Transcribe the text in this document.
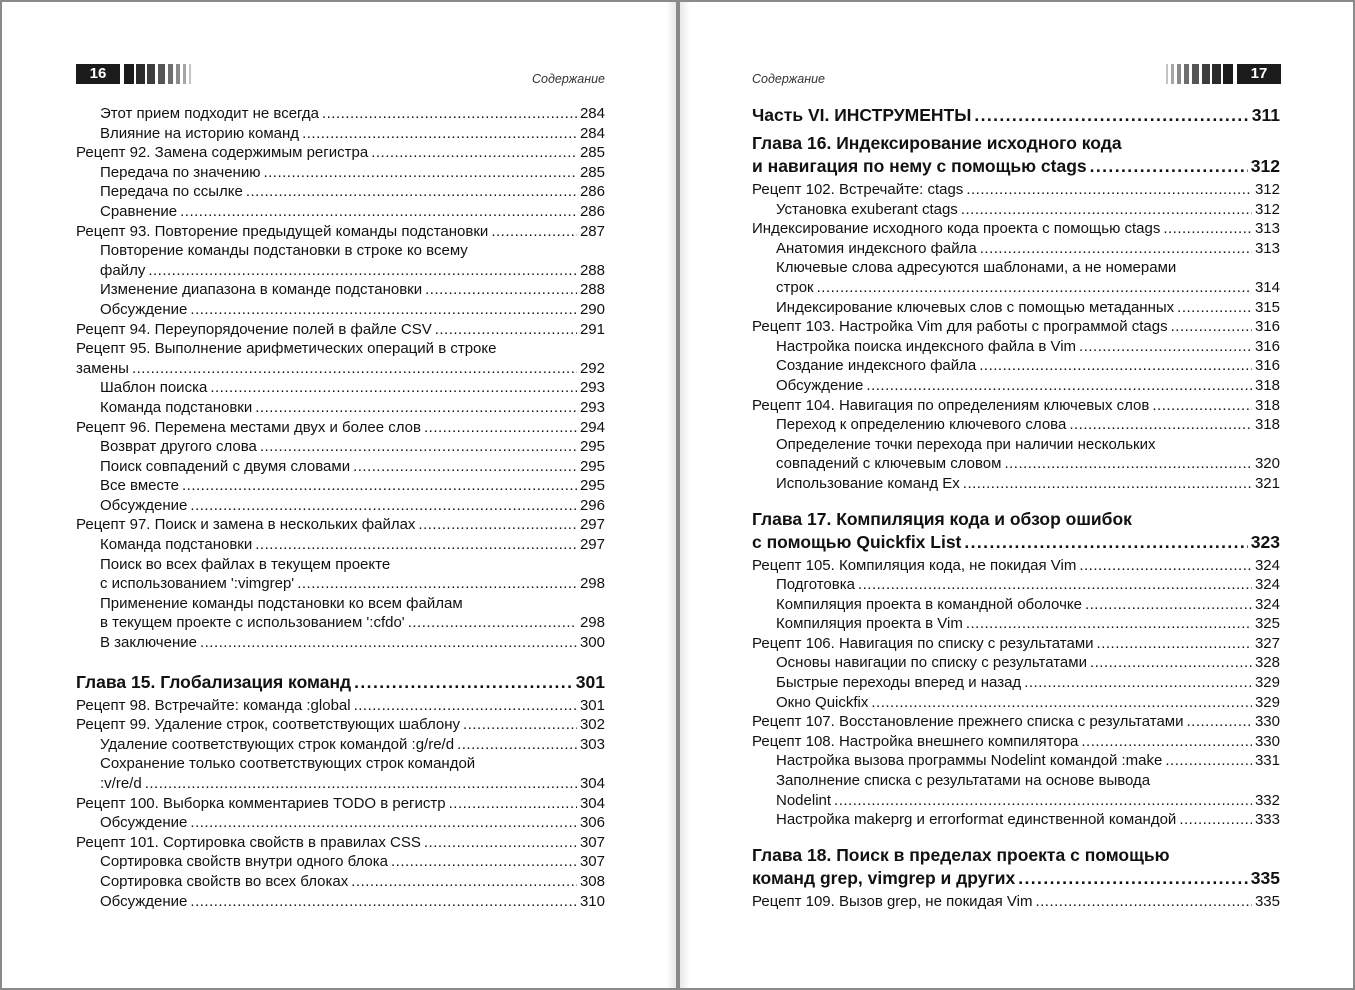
16	Содержание
Этот прием подходит не всегда .....	284
Влияние на историю команд .....	284
Рецепт 92. Замена содержимым регистра .....	285
Передача по значению .....	285
Передача по ссылке .....	286
Сравнение .....	286
Рецепт 93. Повторение предыдущей команды подстановки .....	287
Повторение команды подстановки в строке ко всему
файлу .....	288
Изменение диапазона в команде подстановки .....	288
Обсуждение .....	290
Рецепт 94. Переупорядочение полей в файле CSV .....	291
Рецепт 95. Выполнение арифметических операций в строке
замены .....	292
Шаблон поиска .....	293
Команда подстановки .....	293
Рецепт 96. Перемена местами двух и более слов .....	294
Возврат другого слова .....	295
Поиск совпадений с двумя словами .....	295
Все вместе .....	295
Обсуждение .....	296
Рецепт 97. Поиск и замена в нескольких файлах .....	297
Команда подстановки .....	297
Поиск во всех файлах в текущем проекте
с использованием ':vimgrep' .....	298
Применение команды подстановки ко всем файлам
в текущем проекте с использованием ':cfdo' .....	298
В заключение .....	300
Глава 15. Глобализация команд .....	301
Рецепт 98. Встречайте: команда :global .....	301
Рецепт 99. Удаление строк, соответствующих шаблону .....	302
Удаление соответствующих строк командой :g/re/d .....	303
Сохранение только соответствующих строк командой
:v/re/d .....	304
Рецепт 100. Выборка комментариев TODO в регистр .....	304
Обсуждение .....	306
Рецепт 101. Сортировка свойств в правилах CSS .....	307
Сортировка свойств внутри одного блока .....	307
Сортировка свойств во всех блоках .....	308
Обсуждение .....	310
Содержание	17
Часть VI. ИНСТРУМЕНТЫ .....	311
Глава 16. Индексирование исходного кода
и навигация по нему с помощью ctags .....	312
Рецепт 102. Встречайте: ctags .....	312
Установка exuberant ctags .....	312
Индексирование исходного кода проекта с помощью ctags .....	313
Анатомия индексного файла .....	313
Ключевые слова адресуются шаблонами, а не номерами
строк .....	314
Индексирование ключевых слов с помощью метаданных .....	315
Рецепт 103. Настройка Vim для работы с программой ctags .....	316
Настройка поиска индексного файла в Vim .....	316
Создание индексного файла .....	316
Обсуждение .....	318
Рецепт 104. Навигация по определениям ключевых слов .....	318
Переход к определению ключевого слова .....	318
Определение точки перехода при наличии нескольких
совпадений с ключевым словом .....	320
Использование команд Ex .....	321
Глава 17. Компиляция кода и обзор ошибок
с помощью Quickfix List .....	323
Рецепт 105. Компиляция кода, не покидая Vim .....	324
Подготовка .....	324
Компиляция проекта в командной оболочке .....	324
Компиляция проекта в Vim .....	325
Рецепт 106. Навигация по списку с результатами .....	327
Основы навигации по списку с результатами .....	328
Быстрые переходы вперед и назад .....	329
Окно Quickfix .....	329
Рецепт 107. Восстановление прежнего списка с результатами .....	330
Рецепт 108. Настройка внешнего компилятора .....	330
Настройка вызова программы Nodelint командой :make .....	331
Заполнение списка с результатами на основе вывода
Nodelint .....	332
Настройка makeprg и errorformat единственной командой .....	333
Глава 18. Поиск в пределах проекта с помощью
команд grep, vimgrep и других .....	335
Рецепт 109. Вызов grep, не покидая Vim .....	335
